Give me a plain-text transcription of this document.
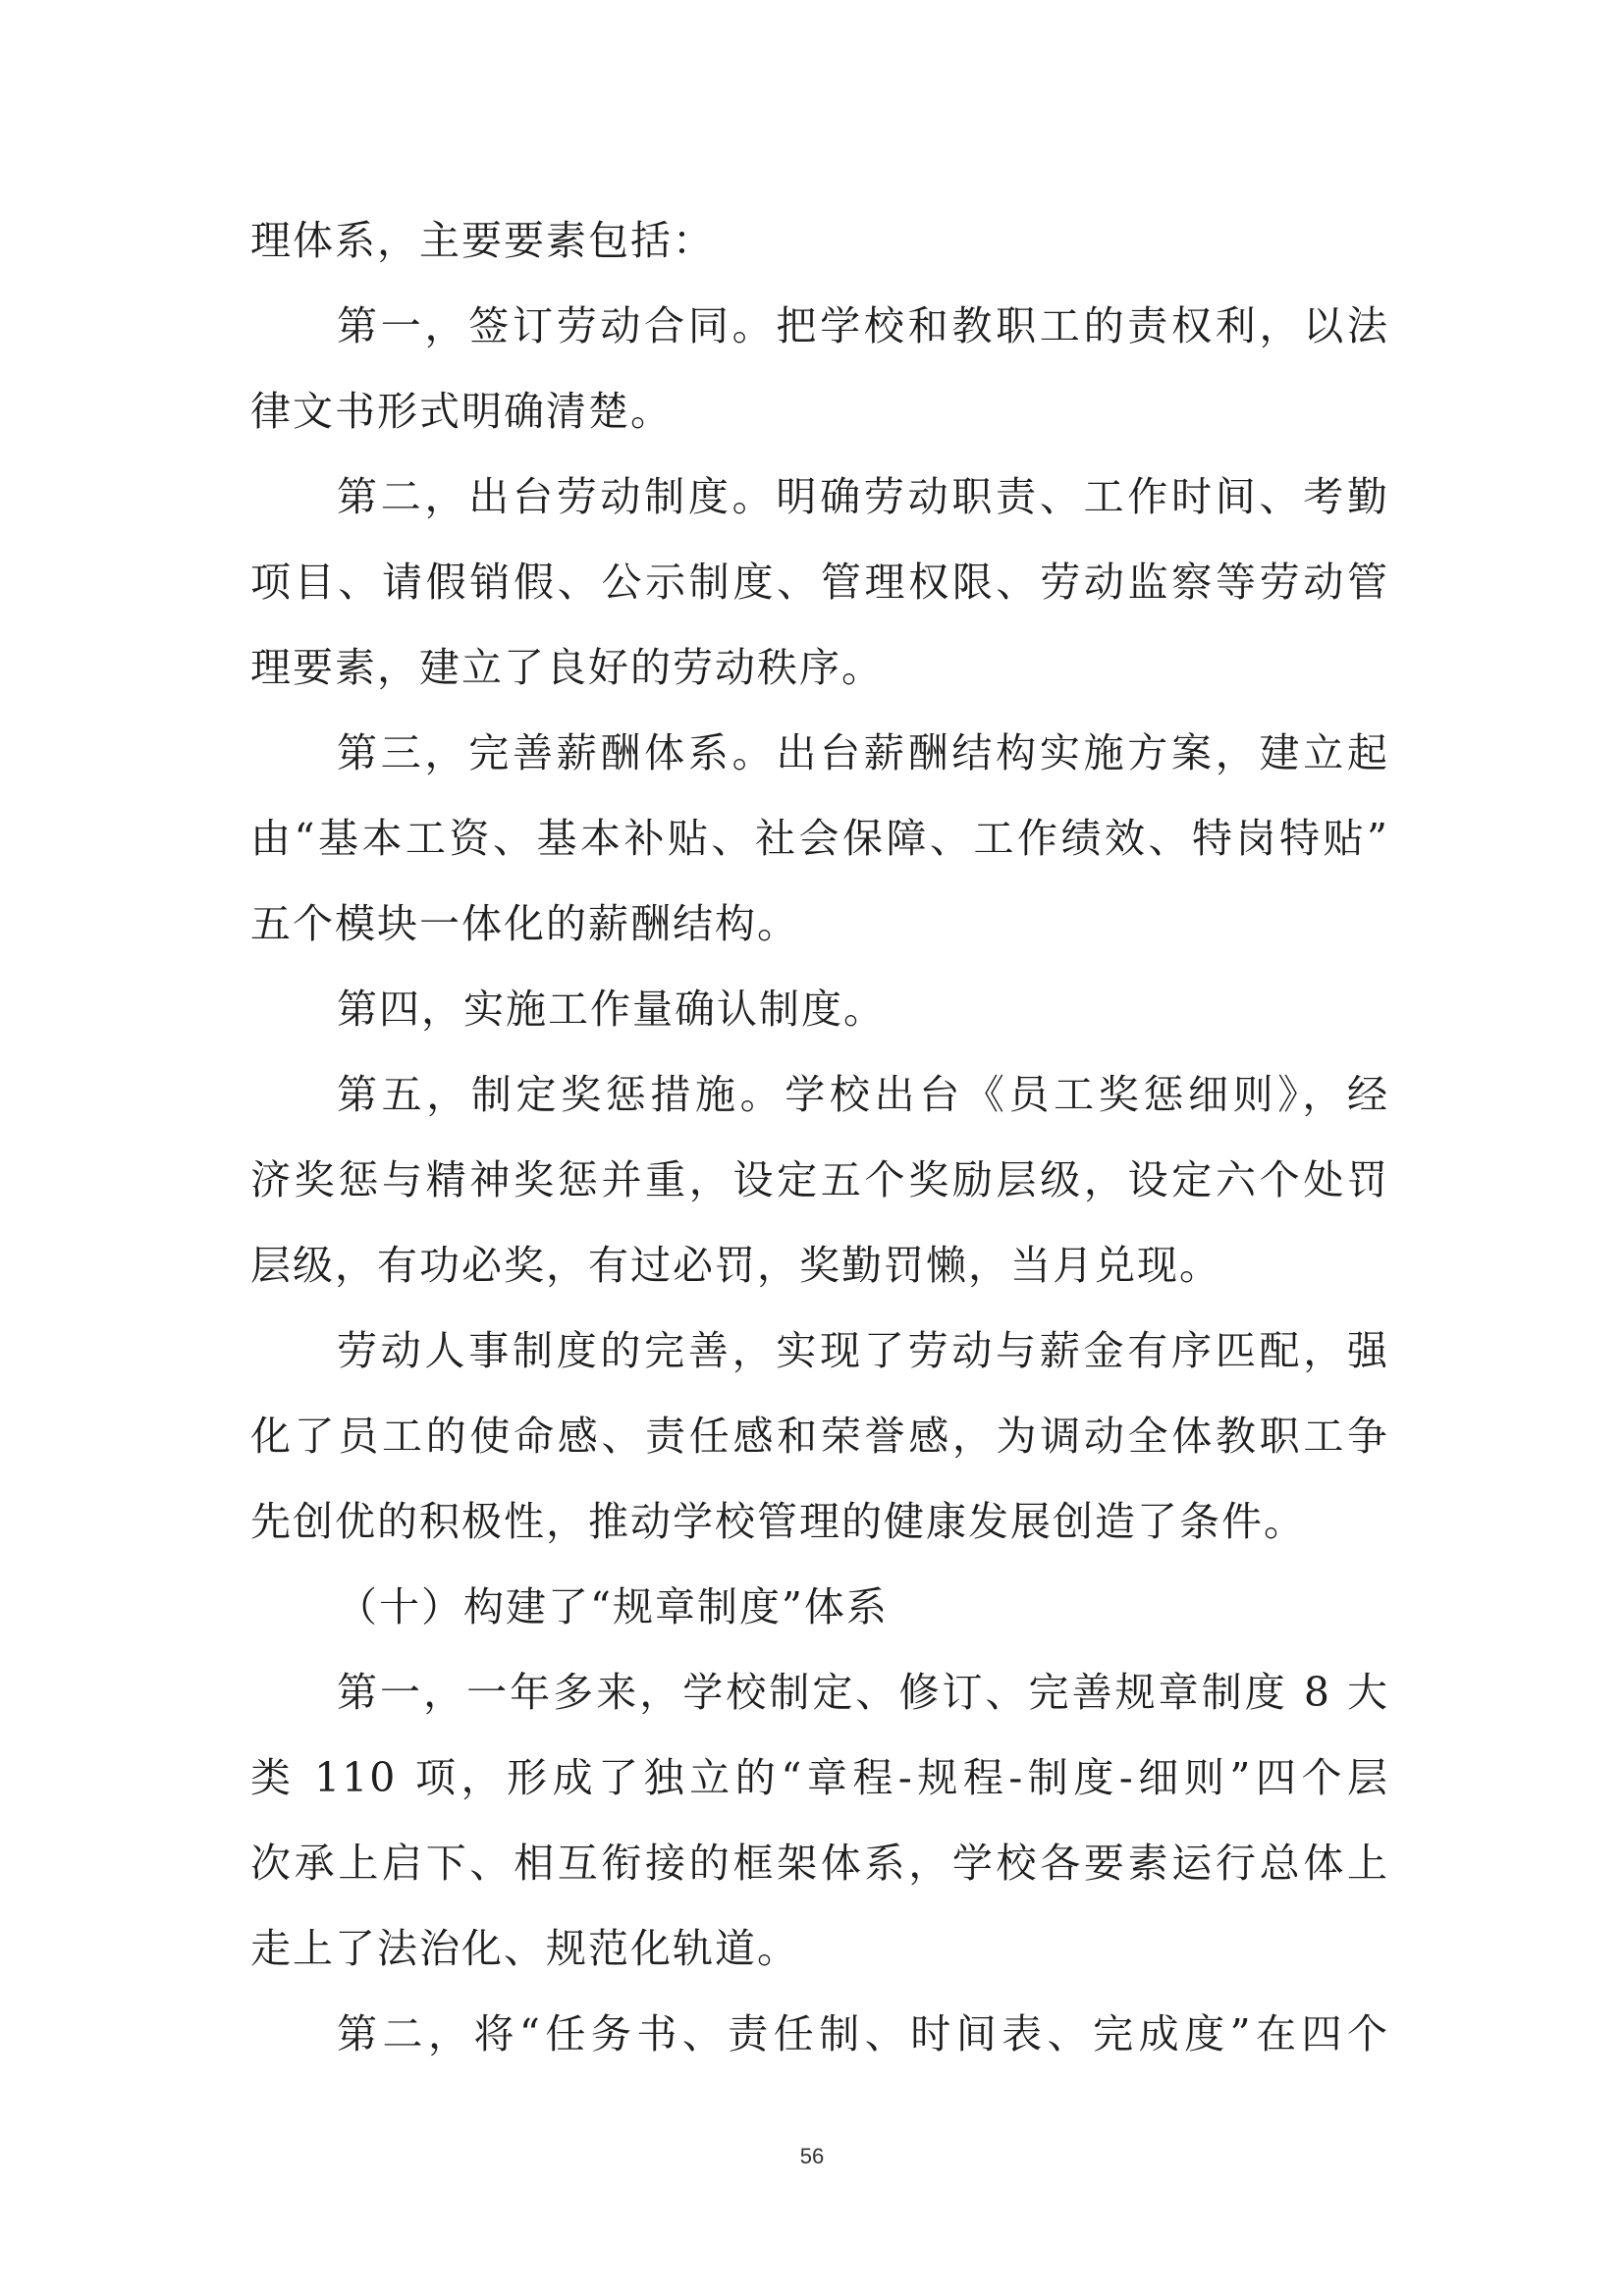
理体系，主要要素包括：
第一，签订劳动合同。把学校和教职工的责权利，以法
律文书形式明确清楚。
第二，出台劳动制度。明确劳动职责、工作时间、考勤
项目、请假销假、公示制度、管理权限、劳动监察等劳动管
理要素，建立了良好的劳动秩序。
第三，完善薪酬体系。出台薪酬结构实施方案，建立起
由“基本工资、基本补贴、社会保障、工作绩效、特岗特贴”
五个模块一体化的薪酬结构。
第四，实施工作量确认制度。
第五，制定奖惩措施。学校出台《员工奖惩细则》，经
济奖惩与精神奖惩并重，设定五个奖励层级，设定六个处罚
层级，有功必奖，有过必罚，奖勤罚懒，当月兑现。
劳动人事制度的完善，实现了劳动与薪金有序匹配，强
化了员工的使命感、责任感和荣誉感，为调动全体教职工争
先创优的积极性，推动学校管理的健康发展创造了条件。
（十）构建了“规章制度”体系
第一，一年多来，学校制定、修订、完善规章制度 8 大
类 110 项，形成了独立的“章程-规程-制度-细则”四个层
次承上启下、相互衔接的框架体系，学校各要素运行总体上
走上了法治化、规范化轨道。
第二，将“任务书、责任制、时间表、完成度”在四个
56
